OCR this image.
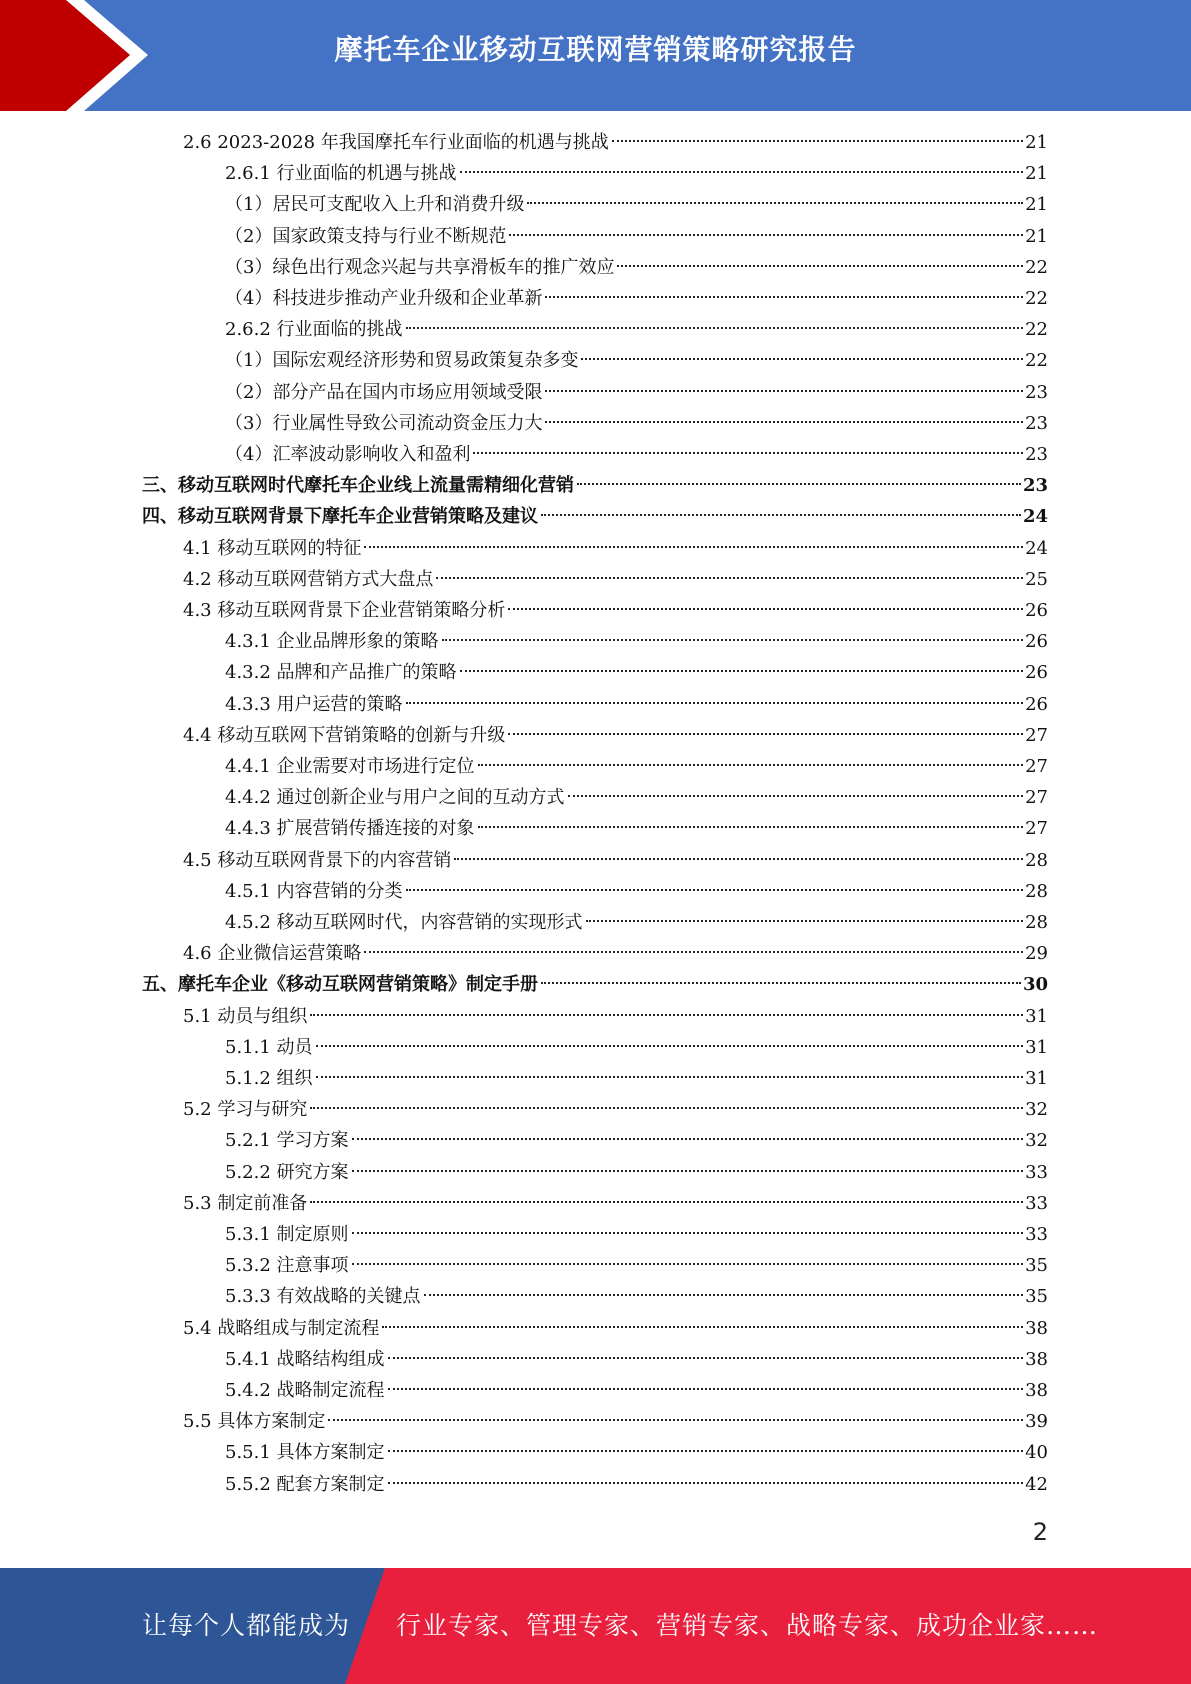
摩托车企业移动互联网营销策略研究报告
2.6 2023-2028 年我国摩托车行业面临的机遇与挑战	21
2.6.1 行业面临的机遇与挑战	21
（1）居民可支配收入上升和消费升级	21
（2）国家政策支持与行业不断规范	21
（3）绿色出行观念兴起与共享滑板车的推广效应	22
（4）科技进步推动产业升级和企业革新	22
2.6.2 行业面临的挑战	22
（1）国际宏观经济形势和贸易政策复杂多变	22
（2）部分产品在国内市场应用领域受限	23
（3）行业属性导致公司流动资金压力大	23
（4）汇率波动影响收入和盈利	23
三、移动互联网时代摩托车企业线上流量需精细化营销	23
四、移动互联网背景下摩托车企业营销策略及建议	24
4.1 移动互联网的特征	24
4.2 移动互联网营销方式大盘点	25
4.3 移动互联网背景下企业营销策略分析	26
4.3.1 企业品牌形象的策略	26
4.3.2 品牌和产品推广的策略	26
4.3.3 用户运营的策略	26
4.4 移动互联网下营销策略的创新与升级	27
4.4.1 企业需要对市场进行定位	27
4.4.2 通过创新企业与用户之间的互动方式	27
4.4.3 扩展营销传播连接的对象	27
4.5 移动互联网背景下的内容营销	28
4.5.1 内容营销的分类	28
4.5.2 移动互联网时代，内容营销的实现形式	28
4.6 企业微信运营策略	29
五、摩托车企业《移动互联网营销策略》制定手册	30
5.1 动员与组织	31
5.1.1 动员	31
5.1.2 组织	31
5.2 学习与研究	32
5.2.1 学习方案	32
5.2.2 研究方案	33
5.3 制定前准备	33
5.3.1 制定原则	33
5.3.2 注意事项	35
5.3.3 有效战略的关键点	35
5.4 战略组成与制定流程	38
5.4.1 战略结构组成	38
5.4.2 战略制定流程	38
5.5 具体方案制定	39
5.5.1 具体方案制定	40
5.5.2 配套方案制定	42
2
让每个人都能成为 行业专家、管理专家、营销专家、战略专家、成功企业家……
